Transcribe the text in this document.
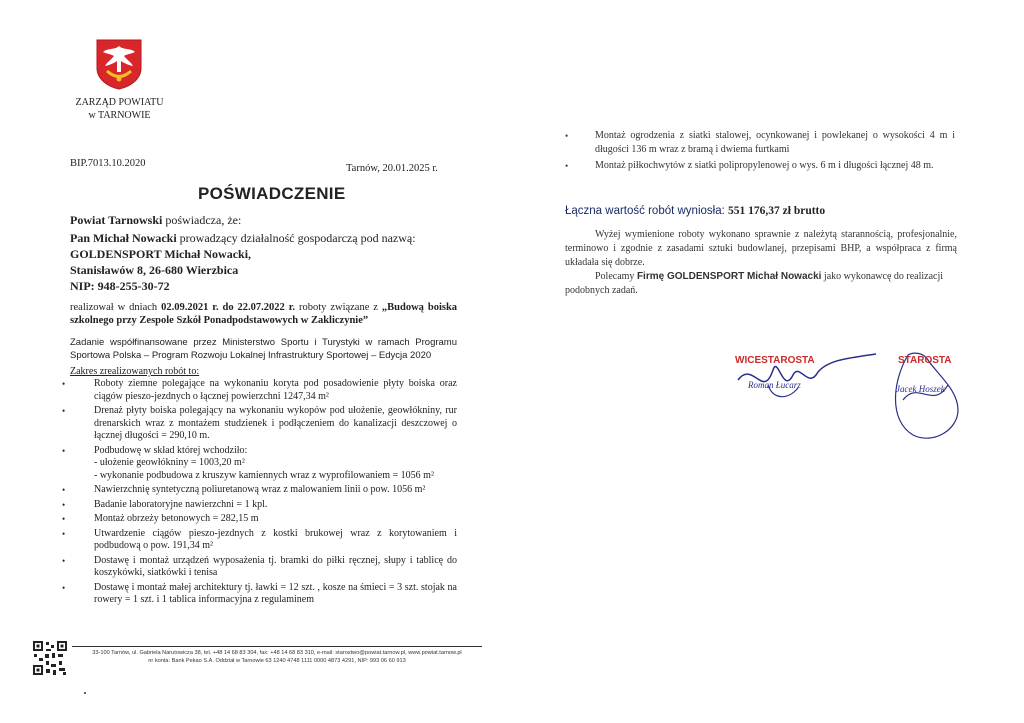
ZARZĄD POWIATU
w TARNOWIE
BIP.7013.10.2020	Tarnów, 20.01.2025 r.
POŚWIADCZENIE
Powiat Tarnowski poświadcza, że:
Pan Michał Nowacki prowadzący działalność gospodarczą pod nazwą:
GOLDENSPORT Michał Nowacki,
Stanisławów 8, 26-680 Wierzbica
NIP: 948-255-30-72
realizował w dniach 02.09.2021 r. do 22.07.2022 r. roboty związane z „Budową boiska szkolnego przy Zespole Szkół Ponadpodstawowych w Zakliczynie”
Zadanie współfinansowane przez Ministerstwo Sportu i Turystyki w ramach Programu Sportowa Polska – Program Rozwoju Lokalnej Infrastruktury Sportowej – Edycja 2020
Zakres zrealizowanych robót to:
• Roboty ziemne polegające na wykonaniu koryta pod posadowienie płyty boiska oraz ciągów pieszo-jezdnych o łącznej powierzchni 1247,34 m²
• Drenaż płyty boiska polegający na wykonaniu wykopów pod ułożenie, geowłókniny, rur drenarskich wraz z montażem studzienek i podłączeniem do kanalizacji deszczowej o łącznej długości = 290,10 m.
• Podbudowę w skład której wchodziło:
- ułożenie geowłókniny = 1003,20 m²
- wykonanie podbudowa z kruszyw kamiennych wraz z wyprofilowaniem = 1056 m²
• Nawierzchnię syntetyczną poliuretanową wraz z malowaniem linii o pow. 1056 m²
• Badanie laboratoryjne nawierzchni = 1 kpl.
• Montaż obrzeży betonowych = 282,15 m
• Utwardzenie ciągów pieszo-jezdnych z kostki brukowej wraz z korytowaniem i podbudową o pow. 191,34 m²
• Dostawę i montaż urządzeń wyposażenia tj. bramki do piłki ręcznej, słupy i tablicę do koszykówki, siatkówki i tenisa
• Dostawę i montaż małej architektury tj. ławki = 12 szt. , kosze na śmieci = 3 szt. stojak na rowery = 1 szt. i 1 tablica informacyjna z regulaminem
• Montaż ogrodzenia z siatki stalowej, ocynkowanej i powlekanej o wysokości 4 m i długości 136 m wraz z bramą i dwiema furtkami
• Montaż piłkochwytów z siatki polipropylenowej o wys. 6 m i długości łącznej 48 m.
Łączna wartość robót wyniosła: 551 176,37 zł brutto
Wyżej wymienione roboty wykonano sprawnie z należytą starannością, profesjonalnie, terminowo i zgodnie z zasadami sztuki budowlanej, przepisami BHP, a współpraca z firmą układała się dobrze.
Polecamy Firmę GOLDENSPORT Michał Nowacki jako wykonawcę do realizacji podobnych zadań.
WICESTAROSTA
Roman Łucarz
STAROSTA
Jacek Hoszek
33-100 Tarnów, ul. Gabriela Narutowicza 38, tel. +48 14 68 83 304, fax: +48 14 68 83 310, e-mail: starostwo@powiat.tarnow.pl, www.powiat.tarnow.pl
nr konta: Bank Pekao S.A. Oddział w Tarnowie 63 1240 4748 1111 0000 4873 4291, NIP: 993 06 60 913
